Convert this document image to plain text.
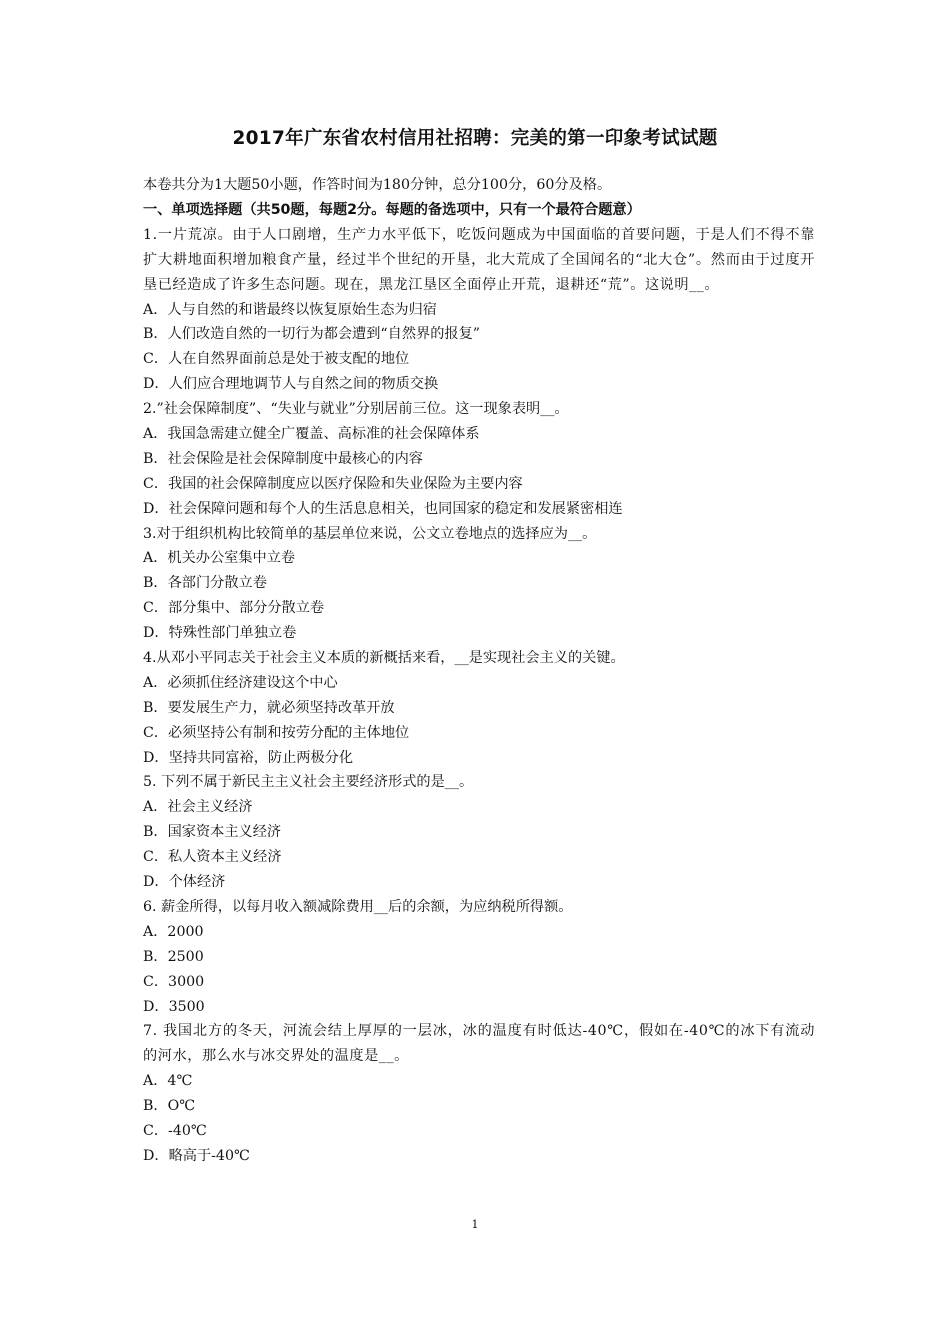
2017年广东省农村信用社招聘：完美的第一印象考试试题
本卷共分为1大题50小题，作答时间为180分钟，总分100分，60分及格。
一、单项选择题（共50题，每题2分。每题的备选项中，只有一个最符合题意）
1.一片荒凉。由于人口剧增，生产力水平低下，吃饭问题成为中国面临的首要问题，于是人们不得不靠扩大耕地面积增加粮食产量，经过半个世纪的开垦，北大荒成了全国闻名的“北大仓”。然而由于过度开垦已经造成了许多生态问题。现在，黑龙江垦区全面停止开荒，退耕还“荒”。这说明__。
A．人与自然的和谐最终以恢复原始生态为归宿
B．人们改造自然的一切行为都会遭到“自然界的报复”
C．人在自然界面前总是处于被支配的地位
D．人们应合理地调节人与自然之间的物质交换
2.”社会保障制度”、“失业与就业”分别居前三位。这一现象表明__。
A．我国急需建立健全广覆盖、高标准的社会保障体系
B．社会保险是社会保障制度中最核心的内容
C．我国的社会保障制度应以医疗保险和失业保险为主要内容
D．社会保障问题和每个人的生活息息相关，也同国家的稳定和发展紧密相连
3.对于组织机构比较简单的基层单位来说，公文立卷地点的选择应为__。
A．机关办公室集中立卷
B．各部门分散立卷
C．部分集中、部分分散立卷
D．特殊性部门单独立卷
4.从邓小平同志关于社会主义本质的新概括来看，__是实现社会主义的关键。
A．必须抓住经济建设这个中心
B．要发展生产力，就必须坚持改革开放
C．必须坚持公有制和按劳分配的主体地位
D．坚持共同富裕，防止两极分化
5. 下列不属于新民主主义社会主要经济形式的是__。
A．社会主义经济
B．国家资本主义经济
C．私人资本主义经济
D．个体经济
6. 薪金所得，以每月收入额减除费用__后的余额，为应纳税所得额。
A．2000
B．2500
C．3000
D．3500
7. 我国北方的冬天，河流会结上厚厚的一层冰，冰的温度有时低达-40℃，假如在-40℃的冰下有流动的河水，那么水与冰交界处的温度是__。
A．4℃
B．O℃
C．-40℃
D．略高于-40℃
1
